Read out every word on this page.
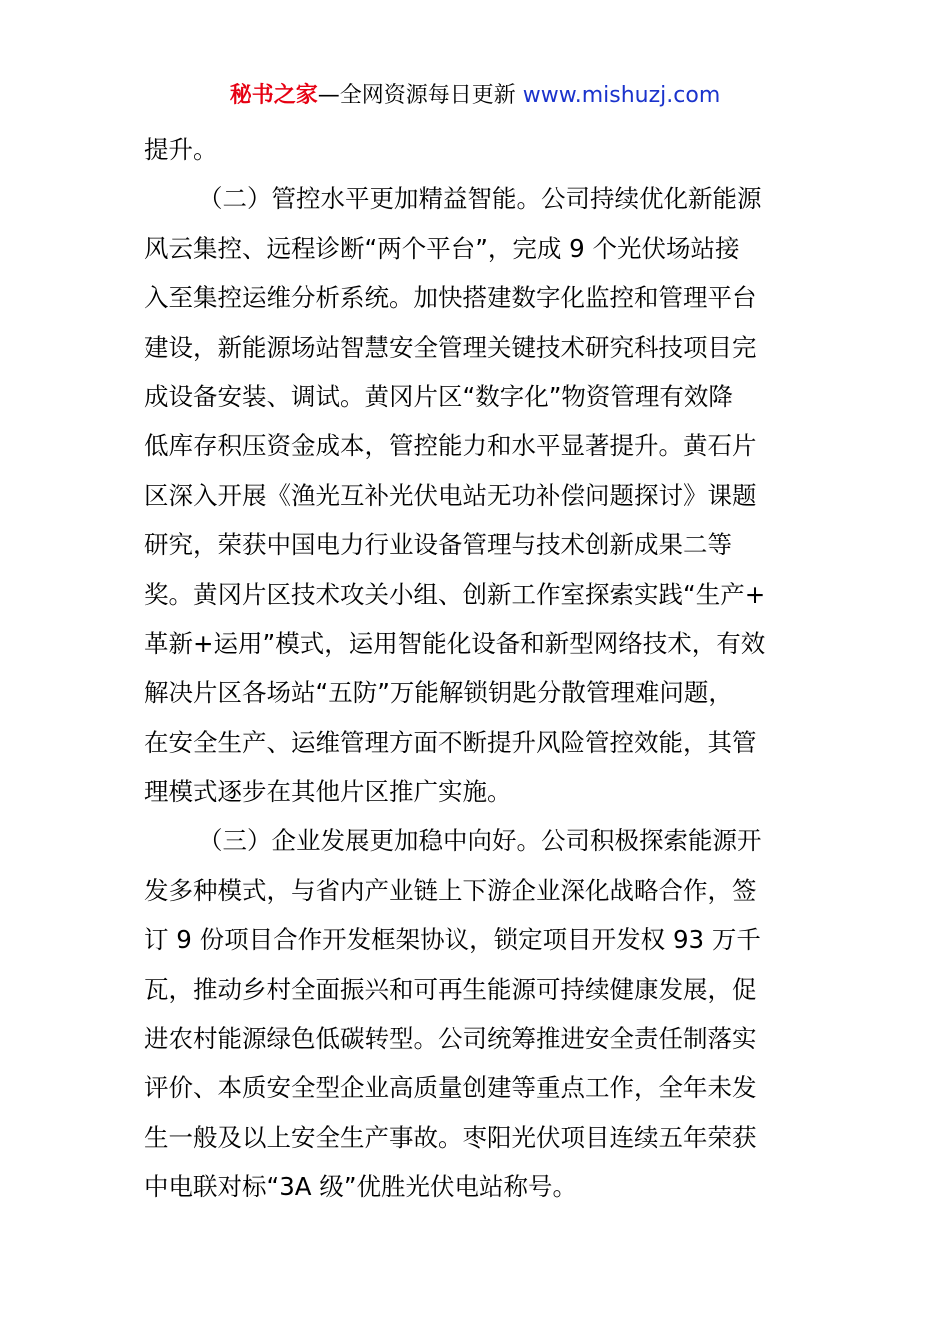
秘书之家—全网资源每日更新 www.mishuzj.com
提升。
（二）管控水平更加精益智能。公司持续优化新能源
风云集控、远程诊断“两个平台”，完成 9 个光伏场站接
入至集控运维分析系统。加快搭建数字化监控和管理平台
建设，新能源场站智慧安全管理关键技术研究科技项目完
成设备安装、调试。黄冈片区“数字化”物资管理有效降
低库存积压资金成本，管控能力和水平显著提升。黄石片
区深入开展《渔光互补光伏电站无功补偿问题探讨》课题
研究，荣获中国电力行业设备管理与技术创新成果二等
奖。黄冈片区技术攻关小组、创新工作室探索实践“生产+
革新+运用”模式，运用智能化设备和新型网络技术，有效
解决片区各场站“五防”万能解锁钥匙分散管理难问题，
在安全生产、运维管理方面不断提升风险管控效能，其管
理模式逐步在其他片区推广实施。
（三）企业发展更加稳中向好。公司积极探索能源开
发多种模式，与省内产业链上下游企业深化战略合作，签
订 9 份项目合作开发框架协议，锁定项目开发权 93 万千
瓦，推动乡村全面振兴和可再生能源可持续健康发展，促
进农村能源绿色低碳转型。公司统筹推进安全责任制落实
评价、本质安全型企业高质量创建等重点工作，全年未发
生一般及以上安全生产事故。枣阳光伏项目连续五年荣获
中电联对标“3A 级”优胜光伏电站称号。
